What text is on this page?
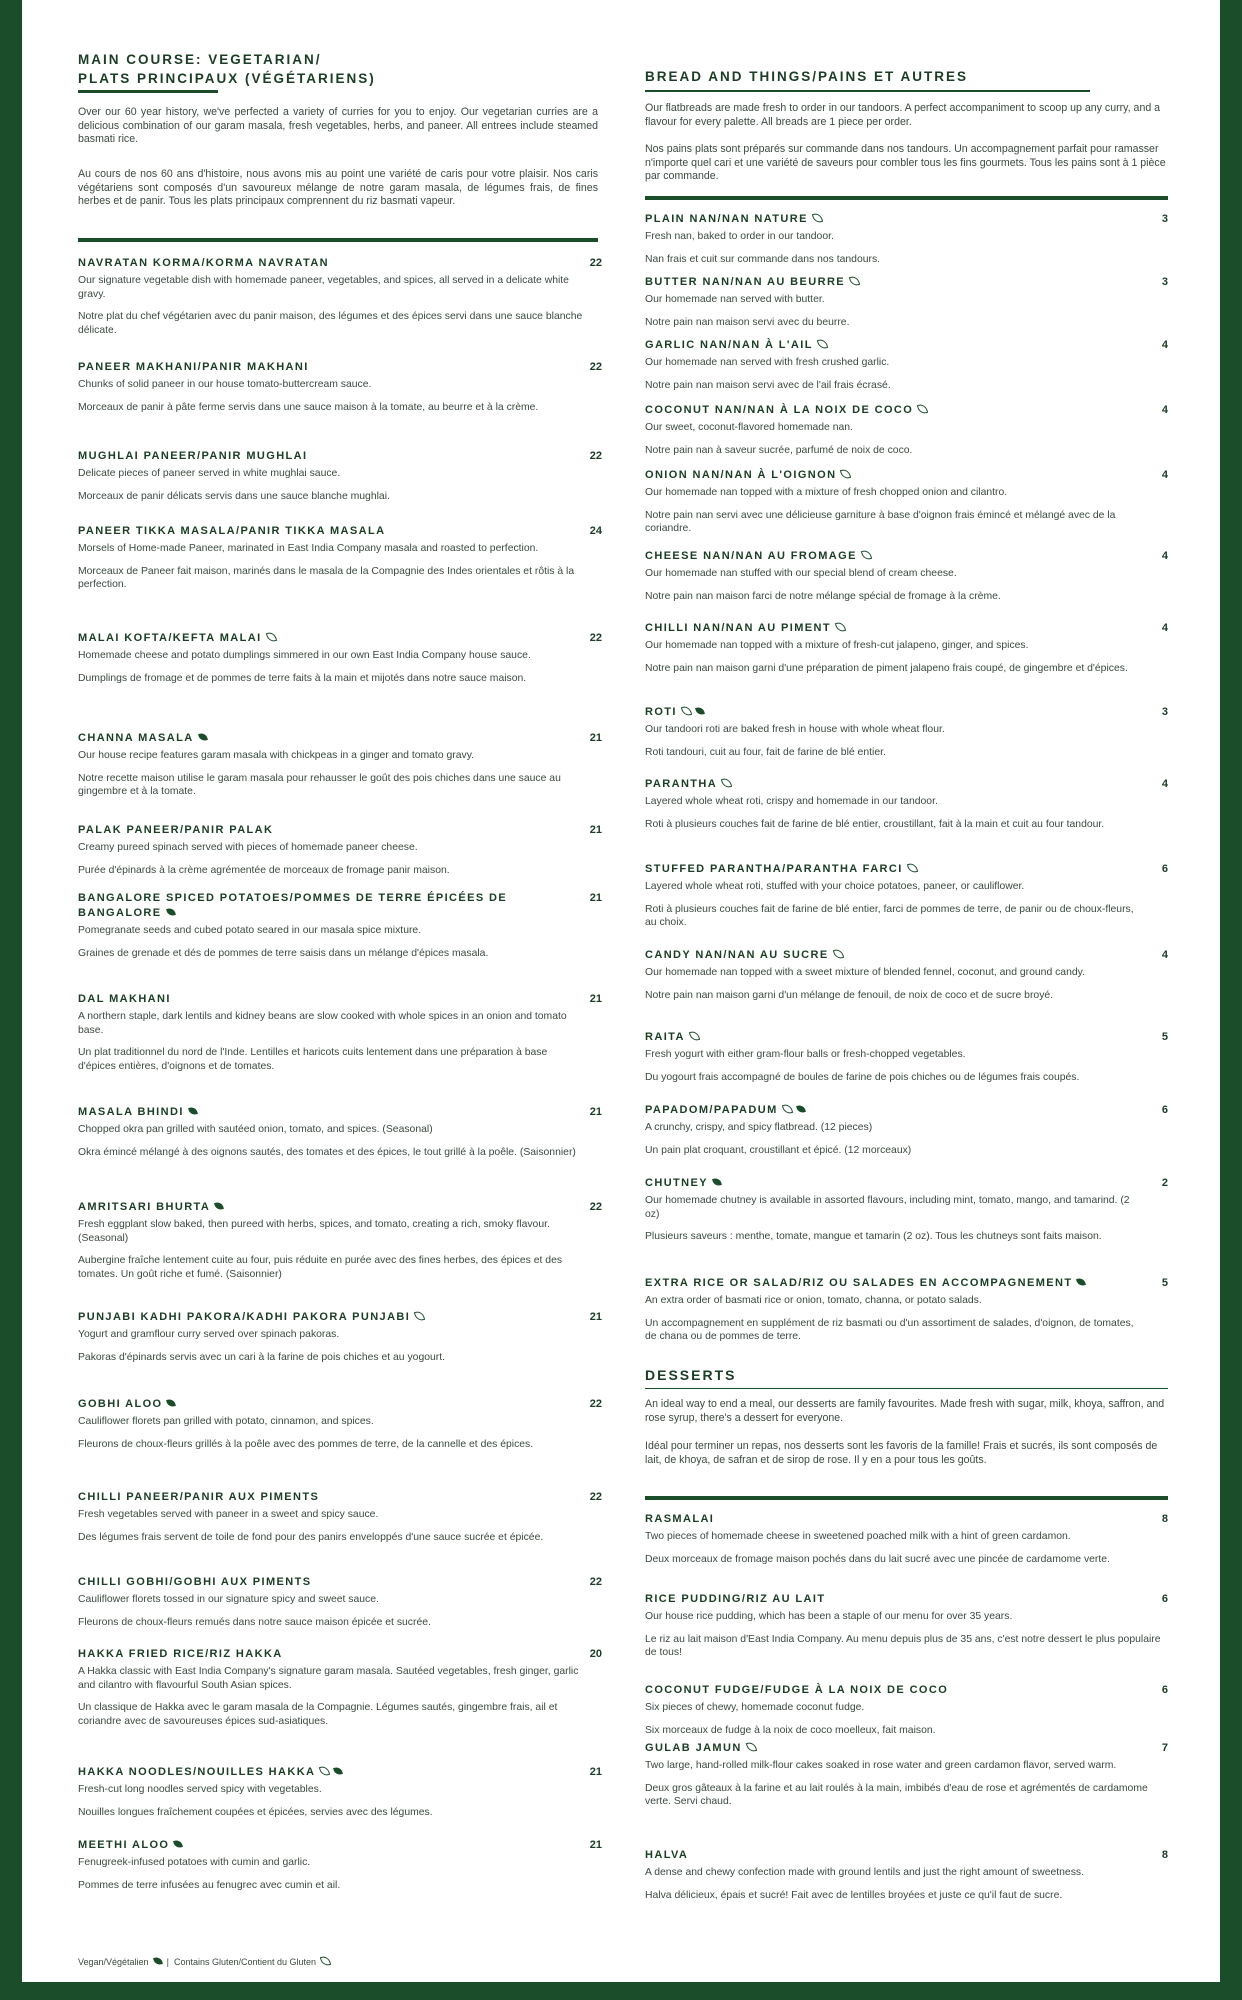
MAIN COURSE: VEGETARIAN/
PLATS PRINCIPAUX (VÉGÉTARIENS)
Over our 60 year history, we've perfected a variety of curries for you to enjoy. Our vegetarian curries are a delicious combination of our garam masala, fresh vegetables, herbs, and paneer. All entrees include steamed basmati rice.
Au cours de nos 60 ans d'histoire, nous avons mis au point une variété de caris pour votre plaisir. Nos caris végétariens sont composés d'un savoureux mélange de notre garam masala, de légumes frais, de fines herbes et de panir. Tous les plats principaux comprennent du riz basmati vapeur.
NAVRATAN KORMA/KORMA NAVRATAN	22
Our signature vegetable dish with homemade paneer, vegetables, and spices, all served in a delicate white gravy.
Notre plat du chef végétarien avec du panir maison, des légumes et des épices servi dans une sauce blanche délicate.
PANEER MAKHANI/PANIR MAKHANI	22
Chunks of solid paneer in our house tomato-buttercream sauce.
Morceaux de panir à pâte ferme servis dans une sauce maison à la tomate, au beurre et à la crème.
MUGHLAI PANEER/PANIR MUGHLAI	22
Delicate pieces of paneer served in white mughlai sauce.
Morceaux de panir délicats servis dans une sauce blanche mughlai.
PANEER TIKKA MASALA/PANIR TIKKA MASALA	24
Morsels of Home-made Paneer, marinated in East India Company masala and roasted to perfection.
Morceaux de Paneer fait maison, marinés dans le masala de la Compagnie des Indes orientales et rôtis à la perfection.
MALAI KOFTA/KEFTA MALAI	22
Homemade cheese and potato dumplings simmered in our own East India Company house sauce.
Dumplings de fromage et de pommes de terre faits à la main et mijotés dans notre sauce maison.
CHANNA MASALA	21
Our house recipe features garam masala with chickpeas in a ginger and tomato gravy.
Notre recette maison utilise le garam masala pour rehausser le goût des pois chiches dans une sauce au gingembre et à la tomate.
PALAK PANEER/PANIR PALAK	21
Creamy pureed spinach served with pieces of homemade paneer cheese.
Purée d'épinards à la crème agrémentée de morceaux de fromage panir maison.
BANGALORE SPICED POTATOES/POMMES DE TERRE ÉPICÉES DE BANGALORE
21
Pomegranate seeds and cubed potato seared in our masala spice mixture.
Graines de grenade et dés de pommes de terre saisis dans un mélange d'épices masala.
DAL MAKHANI	21
A northern staple, dark lentils and kidney beans are slow cooked with whole spices in an onion and tomato base.
Un plat traditionnel du nord de l'Inde. Lentilles et haricots cuits lentement dans une préparation à base d'épices entières, d'oignons et de tomates.
MASALA BHINDI	21
Chopped okra pan grilled with sautéed onion, tomato, and spices. (Seasonal)
Okra émincé mélangé à des oignons sautés, des tomates et des épices, le tout grillé à la poêle. (Saisonnier)
AMRITSARI BHURTA	22
Fresh eggplant slow baked, then pureed with herbs, spices, and tomato, creating a rich, smoky flavour. (Seasonal)
Aubergine fraîche lentement cuite au four, puis réduite en purée avec des fines herbes, des épices et des tomates. Un goût riche et fumé. (Saisonnier)
PUNJABI KADHI PAKORA/KADHI PAKORA PUNJABI	21
Yogurt and gramflour curry served over spinach pakoras.
Pakoras d'épinards servis avec un cari à la farine de pois chiches et au yogourt.
GOBHI ALOO	22
Cauliflower florets pan grilled with potato, cinnamon, and spices.
Fleurons de choux-fleurs grillés à la poêle avec des pommes de terre, de la cannelle et des épices.
CHILLI PANEER/PANIR AUX PIMENTS	22
Fresh vegetables served with paneer in a sweet and spicy sauce.
Des légumes frais servent de toile de fond pour des panirs enveloppés d'une sauce sucrée et épicée.
CHILLI GOBHI/GOBHI AUX PIMENTS	22
Cauliflower florets tossed in our signature spicy and sweet sauce.
Fleurons de choux-fleurs remués dans notre sauce maison épicée et sucrée.
HAKKA FRIED RICE/RIZ HAKKA	20
A Hakka classic with East India Company's signature garam masala. Sautéed vegetables, fresh ginger, garlic and cilantro with flavourful South Asian spices.
Un classique de Hakka avec le garam masala de la Compagnie. Légumes sautés, gingembre frais, ail et coriandre avec de savoureuses épices sud-asiatiques.
HAKKA NOODLES/NOUILLES HAKKA	21
Fresh-cut long noodles served spicy with vegetables.
Nouilles longues fraîchement coupées et épicées, servies avec des légumes.
MEETHI ALOO	21
Fenugreek-infused potatoes with cumin and garlic.
Pommes de terre infusées au fenugrec avec cumin et ail.
Vegan/Végétalien | Contains Gluten/Contient du Gluten
BREAD AND THINGS/PAINS ET AUTRES
Our flatbreads are made fresh to order in our tandoors. A perfect accompaniment to scoop up any curry, and a flavour for every palette. All breads are 1 piece per order.
Nos pains plats sont préparés sur commande dans nos tandours. Un accompagnement parfait pour ramasser n'importe quel cari et une variété de saveurs pour combler tous les fins gourmets. Tous les pains sont à 1 pièce par commande.
PLAIN NAN/NAN NATURE	3
Fresh nan, baked to order in our tandoor.
Nan frais et cuit sur commande dans nos tandours.
BUTTER NAN/NAN AU BEURRE	3
Our homemade nan served with butter.
Notre pain nan maison servi avec du beurre.
GARLIC NAN/NAN À L'AIL	4
Our homemade nan served with fresh crushed garlic.
Notre pain nan maison servi avec de l'ail frais écrasé.
COCONUT NAN/NAN À LA NOIX DE COCO	4
Our sweet, coconut-flavored homemade nan.
Notre pain nan à saveur sucrée, parfumé de noix de coco.
ONION NAN/NAN À L'OIGNON	4
Our homemade nan topped with a mixture of fresh chopped onion and cilantro.
Notre pain nan servi avec une délicieuse garniture à base d'oignon frais émincé et mélangé avec de la coriandre.
CHEESE NAN/NAN AU FROMAGE	4
Our homemade nan stuffed with our special blend of cream cheese.
Notre pain nan maison farci de notre mélange spécial de fromage à la crème.
CHILLI NAN/NAN AU PIMENT	4
Our homemade nan topped with a mixture of fresh-cut jalapeno, ginger, and spices.
Notre pain nan maison garni d'une préparation de piment jalapeno frais coupé, de gingembre et d'épices.
ROTI	3
Our tandoori roti are baked fresh in house with whole wheat flour.
Roti tandouri, cuit au four, fait de farine de blé entier.
PARANTHA	4
Layered whole wheat roti, crispy and homemade in our tandoor.
Roti à plusieurs couches fait de farine de blé entier, croustillant, fait à la main et cuit au four tandour.
STUFFED PARANTHA/PARANTHA FARCI	6
Layered whole wheat roti, stuffed with your choice potatoes, paneer, or cauliflower.
Roti à plusieurs couches fait de farine de blé entier, farci de pommes de terre, de panir ou de choux-fleurs, au choix.
CANDY NAN/NAN AU SUCRE	4
Our homemade nan topped with a sweet mixture of blended fennel, coconut, and ground candy.
Notre pain nan maison garni d'un mélange de fenouil, de noix de coco et de sucre broyé.
RAITA	5
Fresh yogurt with either gram-flour balls or fresh-chopped vegetables.
Du yogourt frais accompagné de boules de farine de pois chiches ou de légumes frais coupés.
PAPADOM/PAPADUM	6
A crunchy, crispy, and spicy flatbread. (12 pieces)
Un pain plat croquant, croustillant et épicé. (12 morceaux)
CHUTNEY	2
Our homemade chutney is available in assorted flavours, including mint, tomato, mango, and tamarind. (2 oz)
Plusieurs saveurs : menthe, tomate, mangue et tamarin (2 oz). Tous les chutneys sont faits maison.
EXTRA RICE OR SALAD/RIZ OU SALADES EN ACCOMPAGNEMENT	5
An extra order of basmati rice or onion, tomato, channa, or potato salads.
Un accompagnement en supplément de riz basmati ou d'un assortiment de salades, d'oignon, de tomates, de chana ou de pommes de terre.
DESSERTS
An ideal way to end a meal, our desserts are family favourites. Made fresh with sugar, milk, khoya, saffron, and rose syrup, there's a dessert for everyone.
Idéal pour terminer un repas, nos desserts sont les favoris de la famille! Frais et sucrés, ils sont composés de lait, de khoya, de safran et de sirop de rose. Il y en a pour tous les goûts.
RASMALAI	8
Two pieces of homemade cheese in sweetened poached milk with a hint of green cardamon.
Deux morceaux de fromage maison pochés dans du lait sucré avec une pincée de cardamome verte.
RICE PUDDING/RIZ AU LAIT	6
Our house rice pudding, which has been a staple of our menu for over 35 years.
Le riz au lait maison d'East India Company. Au menu depuis plus de 35 ans, c'est notre dessert le plus populaire de tous!
COCONUT FUDGE/FUDGE À LA NOIX DE COCO	6
Six pieces of chewy, homemade coconut fudge.
Six morceaux de fudge à la noix de coco moelleux, fait maison.
GULAB JAMUN	7
Two large, hand-rolled milk-flour cakes soaked in rose water and green cardamon flavor, served warm.
Deux gros gâteaux à la farine et au lait roulés à la main, imbibés d'eau de rose et agrémentés de cardamome verte. Servi chaud.
HALVA	8
A dense and chewy confection made with ground lentils and just the right amount of sweetness.
Halva délicieux, épais et sucré! Fait avec de lentilles broyées et juste ce qu'il faut de sucre.
